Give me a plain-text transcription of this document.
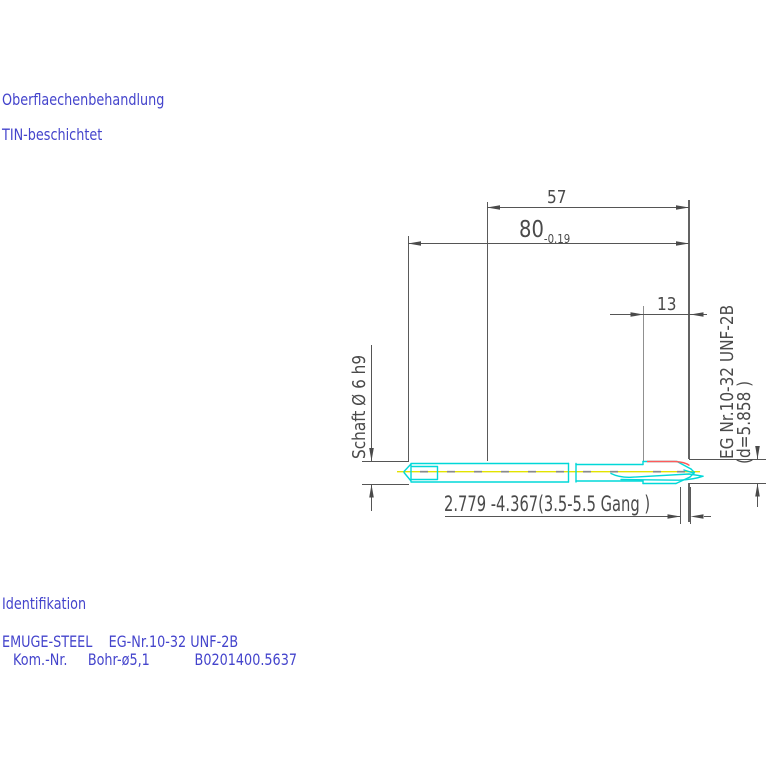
Oberflaechenbehandlung
TIN-beschichtet
Identifikation
EMUGE-STEEL    EG-Nr.10-32 UNF-2B
Kom.-Nr.     Bohr-ø5,1           B0201400.5637
57
80-0.19
13
2.779 -4.367(3.5-5.5 Gang )
Schaft Ø 6 h9	EG Nr.10-32 UNF-2B
(d=5.858 )
